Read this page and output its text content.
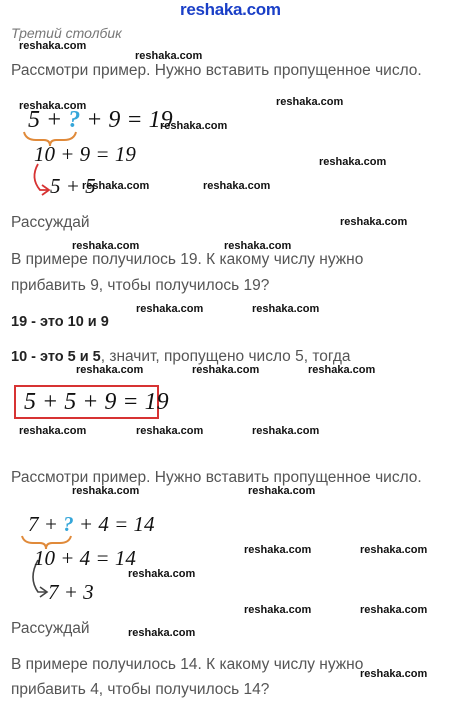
reshaka.com
Третий столбик
reshaka.com
reshaka.com
Рассмотри пример. Нужно вставить пропущенное число.
reshaka.com	reshaka.com
5 + ? + 9 = 19
reshaka.com
10 + 9 = 19	reshaka.com
5 + 5
reshaka.com	reshaka.com
Рассуждай	reshaka.com
reshaka.com	reshaka.com
В примере получилось 19. К какому числу нужно
прибавить 9, чтобы получилось 19?
reshaka.com	reshaka.com
19 - это 10 и 9
10 - это 5 и 5, значит, пропущено число 5, тогда
reshaka.com	reshaka.com	reshaka.com
5 + 5 + 9 = 19
reshaka.com	reshaka.com	reshaka.com
Рассмотри пример. Нужно вставить пропущенное число.
reshaka.com	reshaka.com
7 + ? + 4 = 14
10 + 4 = 14	reshaka.com	reshaka.com
reshaka.com
7 + 3
reshaka.com	reshaka.com
Рассуждай	reshaka.com
В примере получилось 14. К какому числу нужно
reshaka.com
прибавить 4, чтобы получилось 14?
